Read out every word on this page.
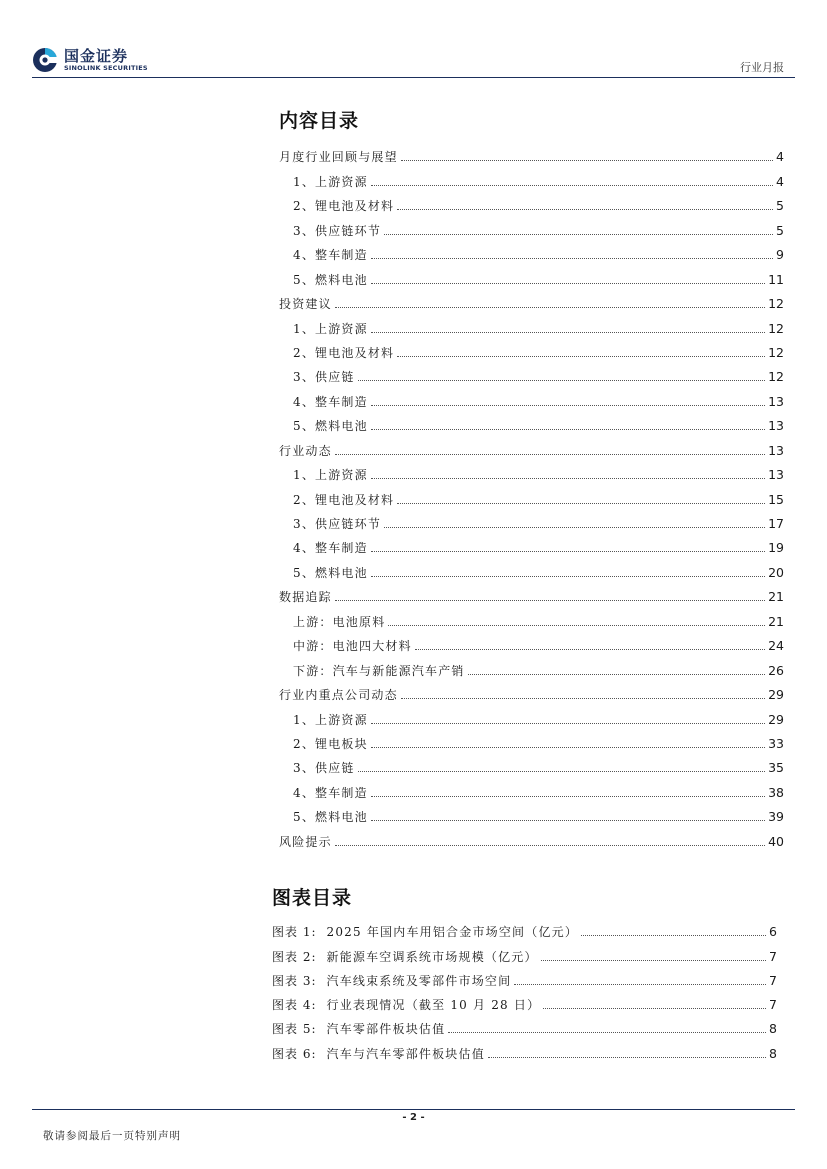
国金证券
SINOLINK SECURITIES	行业月报
内容目录
月度行业回顾与展望	4
1、上游资源	4
2、锂电池及材料	5
3、供应链环节	5
4、整车制造	9
5、燃料电池	11
投资建议	12
1、上游资源	12
2、锂电池及材料	12
3、供应链	12
4、整车制造	13
5、燃料电池	13
行业动态	13
1、上游资源	13
2、锂电池及材料	15
3、供应链环节	17
4、整车制造	19
5、燃料电池	20
数据追踪	21
上游：电池原料	21
中游：电池四大材料	24
下游：汽车与新能源汽车产销	26
行业内重点公司动态	29
1、上游资源	29
2、锂电板块	33
3、供应链	35
4、整车制造	38
5、燃料电池	39
风险提示	40
图表目录
图表 1: 2025 年国内车用铝合金市场空间（亿元）	6
图表 2: 新能源车空调系统市场规模（亿元）	7
图表 3: 汽车线束系统及零部件市场空间	7
图表 4: 行业表现情况（截至 10 月 28 日）	7
图表 5: 汽车零部件板块估值	8
图表 6: 汽车与汽车零部件板块估值	8
- 2 -
敬请参阅最后一页特别声明
